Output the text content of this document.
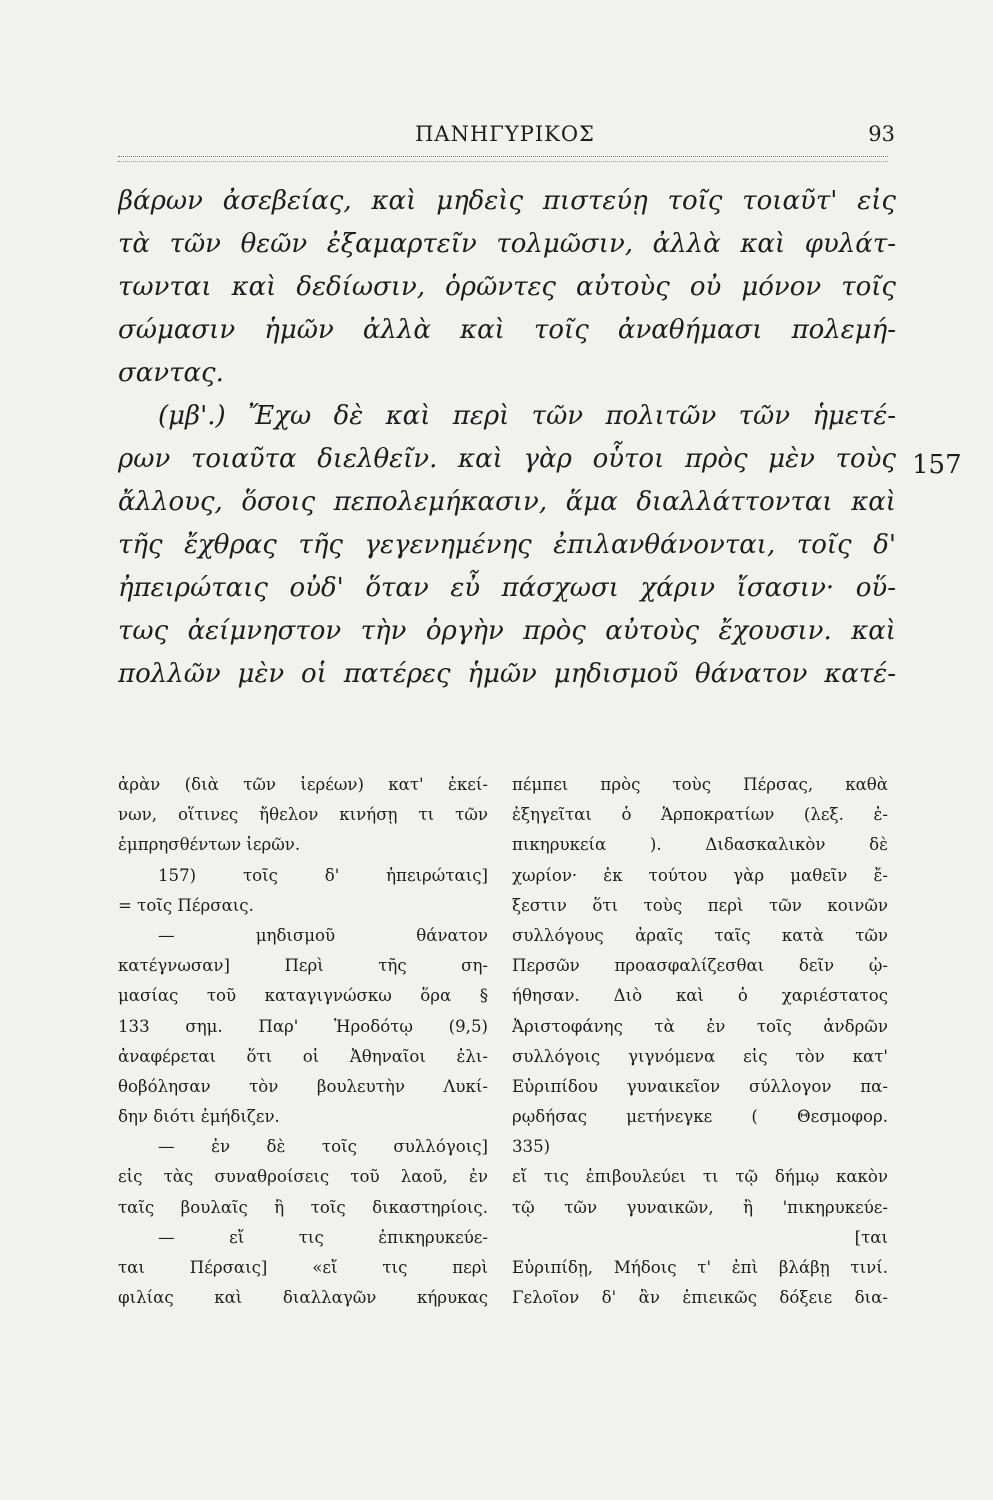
ΠΑΝΗΓΥΡΙΚΟΣ	93
βάρων ἀσεβείας, καὶ μηδεὶς πιστεύῃ τοῖς τοιαῦτ' εἰς
τὰ τῶν θεῶν ἐξαμαρτεῖν τολμῶσιν, ἀλλὰ καὶ φυλάτ-
τωνται καὶ δεδίωσιν, ὁρῶντες αὐτοὺς οὐ μόνον τοῖς
σώμασιν ἡμῶν ἀλλὰ καὶ τοῖς ἀναθήμασι πολεμή-
σαντας.
(μβ'.) Ἔχω δὲ καὶ περὶ τῶν πολιτῶν τῶν ἡμετέ-
ρων τοιαῦτα διελθεῖν. καὶ γὰρ οὗτοι πρὸς μὲν τοὺς
ἄλλους, ὅσοις πεπολεμήκασιν, ἅμα διαλλάττονται καὶ
τῆς ἔχθρας τῆς γεγενημένης ἐπιλανθάνονται, τοῖς δ'
ἠπειρώταις οὐδ' ὅταν εὖ πάσχωσι χάριν ἴσασιν· οὕ-
τως ἀείμνηστον τὴν ὀργὴν πρὸς αὐτοὺς ἔχουσιν. καὶ
πολλῶν μὲν οἱ πατέρες ἡμῶν μηδισμοῦ θάνατον κατέ-
157
ἀρὰν (διὰ τῶν ἱερέων) κατ' ἐκεί-
νων, οἵτινες ἤθελον κινήσῃ τι τῶν
ἐμπρησθέντων ἱερῶν.
157) τοῖς δ' ἠπειρώταις]
= τοῖς Πέρσαις.
— μηδισμοῦ θάνατον
κατέγνωσαν] Περὶ τῆς ση-
μασίας τοῦ καταγιγνώσκω ὅρα §
133 σημ. Παρ' Ἡροδότῳ (9,5)
ἀναφέρεται ὅτι οἱ Ἀθηναῖοι ἐλι-
θοβόλησαν τὸν βουλευτὴν Λυκί-
δην διότι ἐμήδιζεν.
— ἐν δὲ τοῖς συλλόγοις]
εἰς τὰς συναθροίσεις τοῦ λαοῦ, ἐν
ταῖς βουλαῖς ἢ τοῖς δικαστηρίοις.
— εἴ τις ἐπικηρυκεύε-
ται Πέρσαις] «εἴ τις περὶ
φιλίας καὶ διαλλαγῶν κήρυκας
πέμπει πρὸς τοὺς Πέρσας, καθὰ
ἐξηγεῖται ὁ Ἁρποκρατίων (λεξ. ἐ-
πικηρυκεία ). Διδασκαλικὸν δὲ
χωρίον· ἐκ τούτου γὰρ μαθεῖν ἔ-
ξεστιν ὅτι τοὺς περὶ τῶν κοινῶν
συλλόγους ἀραῖς ταῖς κατὰ τῶν
Περσῶν προασφαλίζεσθαι δεῖν ᾠ-
ήθησαν. Διὸ καὶ ὁ χαριέστατος
Ἀριστοφάνης τὰ ἐν τοῖς ἀνδρῶν
συλλόγοις γιγνόμενα εἰς τὸν κατ'
Εὐριπίδου γυναικεῖον σύλλογον πα-
ρῳδήσας μετήνεγκε ( Θεσμοφορ.
335)
εἴ τις ἐπιβουλεύει τι τῷ δήμῳ κακὸν
τῷ τῶν γυναικῶν, ἢ 'πικηρυκεύε-
[ται
Εὐριπίδῃ, Μήδοις τ' ἐπὶ βλάβῃ τινί.
Γελοῖον δ' ἂν ἐπιεικῶς δόξειε δια-
